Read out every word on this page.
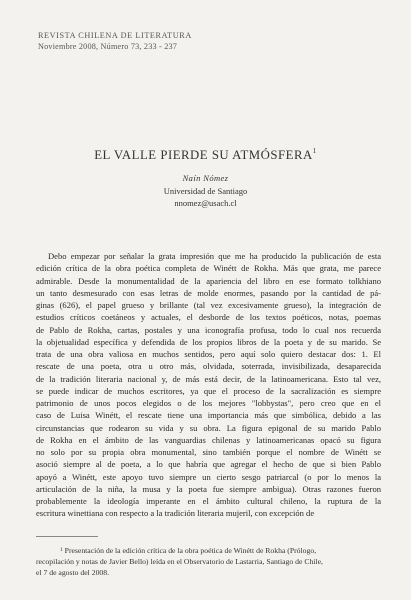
REVISTA CHILENA DE LITERATURA
Noviembre 2008, Número 73, 233 - 237
EL VALLE PIERDE SU ATMÓSFERA$^1$
Naín Nómez
Universidad de Santiago
nnomez@usach.cl
Debo empezar por señalar la grata impresión que me ha producido la publicación de esta
edición crítica de la obra poética completa de Winétt de Rokha. Más que grata, me parece
admirable. Desde la monumentalidad de la apariencia del libro en ese formato tolkhiano
un tanto desmesurado con esas letras de molde enormes, pasando por la cantidad de pá-
ginas (626), el papel grueso y brillante (tal vez excesivamente grueso), la integración de
estudios críticos coetáneos y actuales, el desborde de los textos poéticos, notas, poemas
de Pablo de Rokha, cartas, postales y una iconografía profusa, todo lo cual nos recuerda
la objetualidad específica y defendida de los propios libros de la poeta y de su marido. Se
trata de una obra valiosa en muchos sentidos, pero aquí solo quiero destacar dos: 1. El
rescate de una poeta, otra u otro más, olvidada, soterrada, invisibilizada, desaparecida
de la tradición literaria nacional y, de más está decir, de la latinoamericana. Esto tal vez,
se puede indicar de muchos escritores, ya que el proceso de la sacralización es siempre
patrimonio de unos pocos elegidos o de los mejores "lobbystas", pero creo que en el
caso de Luisa Winétt, el rescate tiene una importancia más que simbólica, debido a las
circunstancias que rodearon su vida y su obra. La figura epigonal de su marido Pablo
de Rokha en el ámbito de las vanguardias chilenas y latinoamericanas opacó su figura
no solo por su propia obra monumental, sino también porque el nombre de Winétt se
asoció siempre al de poeta, a lo que habría que agregar el hecho de que si bien Pablo
apoyó a Winétt, este apoyo tuvo siempre un cierto sesgo patriarcal (o por lo menos la
articulación de la niña, la musa y la poeta fue siempre ambigua). Otras razones fueron
probablemente la ideología imperante en el ámbito cultural chileno, la ruptura de la
escritura winettiana con respecto a la tradición literaria mujeril, con excepción de
$^1$ Presentación de la edición crítica de la obra poética de Winétt de Rokha (Prólogo,
recopilación y notas de Javier Bello) leída en el Observatorio de Lastarria, Santiago de Chile,
el 7 de agosto del 2008.
